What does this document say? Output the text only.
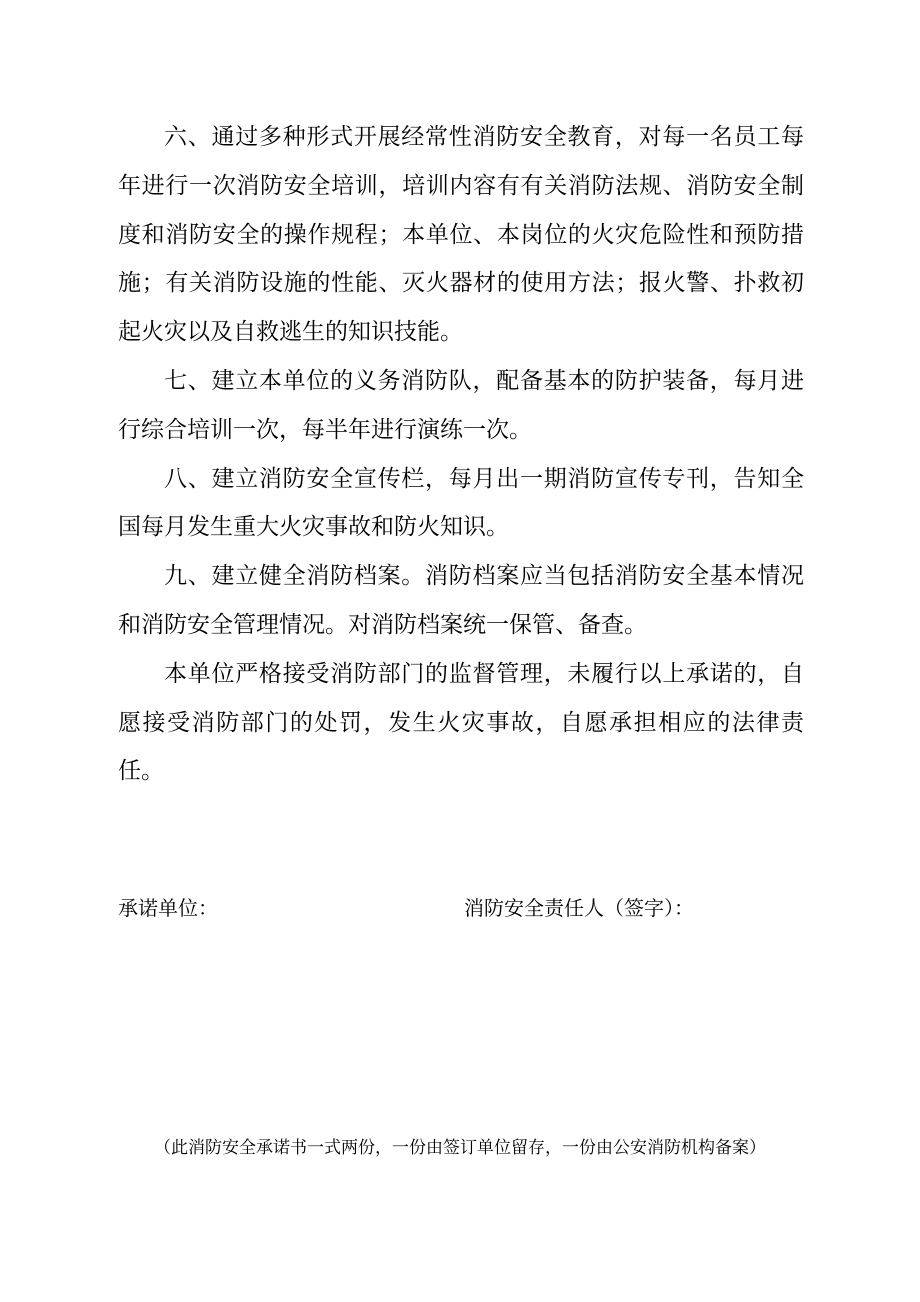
六、通过多种形式开展经常性消防安全教育，对每一名员工每年进行一次消防安全培训，培训内容有有关消防法规、消防安全制度和消防安全的操作规程；本单位、本岗位的火灾危险性和预防措施；有关消防设施的性能、灭火器材的使用方法；报火警、扑救初起火灾以及自救逃生的知识技能。

七、建立本单位的义务消防队，配备基本的防护装备，每月进行综合培训一次，每半年进行演练一次。

八、建立消防安全宣传栏，每月出一期消防宣传专刊，告知全国每月发生重大火灾事故和防火知识。

九、建立健全消防档案。消防档案应当包括消防安全基本情况和消防安全管理情况。对消防档案统一保管、备查。

本单位严格接受消防部门的监督管理，未履行以上承诺的，自愿接受消防部门的处罚，发生火灾事故，自愿承担相应的法律责任。

承诺单位：	消防安全责任人（签字）：
（此消防安全承诺书一式两份，一份由签订单位留存，一份由公安消防机构备案）
